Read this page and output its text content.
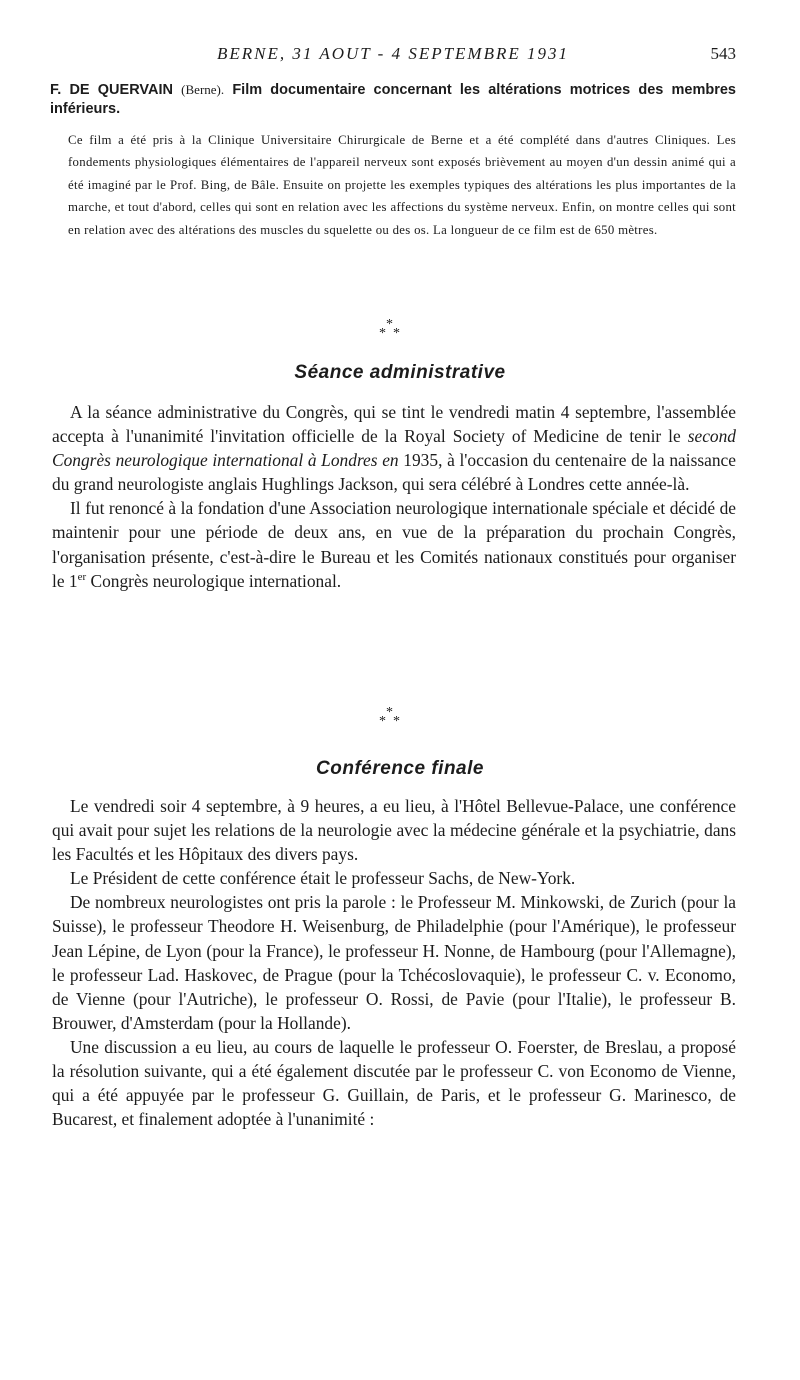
BERNE, 31 AOUT - 4 SEPTEMBRE 1931	543
F. DE QUERVAIN (Berne). Film documentaire concernant les altérations motrices des membres inférieurs.
Ce film a été pris à la Clinique Universitaire Chirurgicale de Berne et a été complété dans d'autres Cliniques. Les fondements physiologiques élémentaires de l'appareil nerveux sont exposés brièvement au moyen d'un dessin animé qui a été imaginé par le Prof. Bing, de Bâle. Ensuite on projette les exemples typiques des altérations les plus importantes de la marche, et tout d'abord, celles qui sont en relation avec les affections du système nerveux. Enfin, on montre celles qui sont en relation avec des altérations des muscles du squelette ou des os. La longueur de ce film est de 650 mètres.
*
* *
Séance administrative

A la séance administrative du Congrès, qui se tint le vendredi matin 4 septembre, l'assemblée accepta à l'unanimité l'invitation officielle de la Royal Society of Medicine de tenir le second Congrès neurologique international à Londres en 1935, à l'occasion du centenaire de la naissance du grand neurologiste anglais Hughlings Jackson, qui sera célébré à Londres cette année-là.

Il fut renoncé à la fondation d'une Association neurologique internationale spéciale et décidé de maintenir pour une période de deux ans, en vue de la préparation du prochain Congrès, l'organisation présente, c'est-à-dire le Bureau et les Comités nationaux constitués pour organiser le 1er Congrès neurologique international.

*
* *
Conférence finale

Le vendredi soir 4 septembre, à 9 heures, a eu lieu, à l'Hôtel Bellevue-Palace, une conférence qui avait pour sujet les relations de la neurologie avec la médecine générale et la psychiatrie, dans les Facultés et les Hôpitaux des divers pays.

Le Président de cette conférence était le professeur Sachs, de New-York.

De nombreux neurologistes ont pris la parole : le Professeur M. Minkowski, de Zurich (pour la Suisse), le professeur Theodore H. Weisenburg, de Philadelphie (pour l'Amérique), le professeur Jean Lépine, de Lyon (pour la France), le professeur H. Nonne, de Hambourg (pour l'Allemagne), le professeur Lad. Haskovec, de Prague (pour la Tchécoslovaquie), le professeur C. v. Economo, de Vienne (pour l'Autriche), le professeur O. Rossi, de Pavie (pour l'Italie), le professeur B. Brouwer, d'Amsterdam (pour la Hollande).

Une discussion a eu lieu, au cours de laquelle le professeur O. Foerster, de Breslau, a proposé la résolution suivante, qui a été également discutée par le professeur C. von Economo de Vienne, qui a été appuyée par le professeur G. Guillain, de Paris, et le professeur G. Marinesco, de Bucarest, et finalement adoptée à l'unanimité :
